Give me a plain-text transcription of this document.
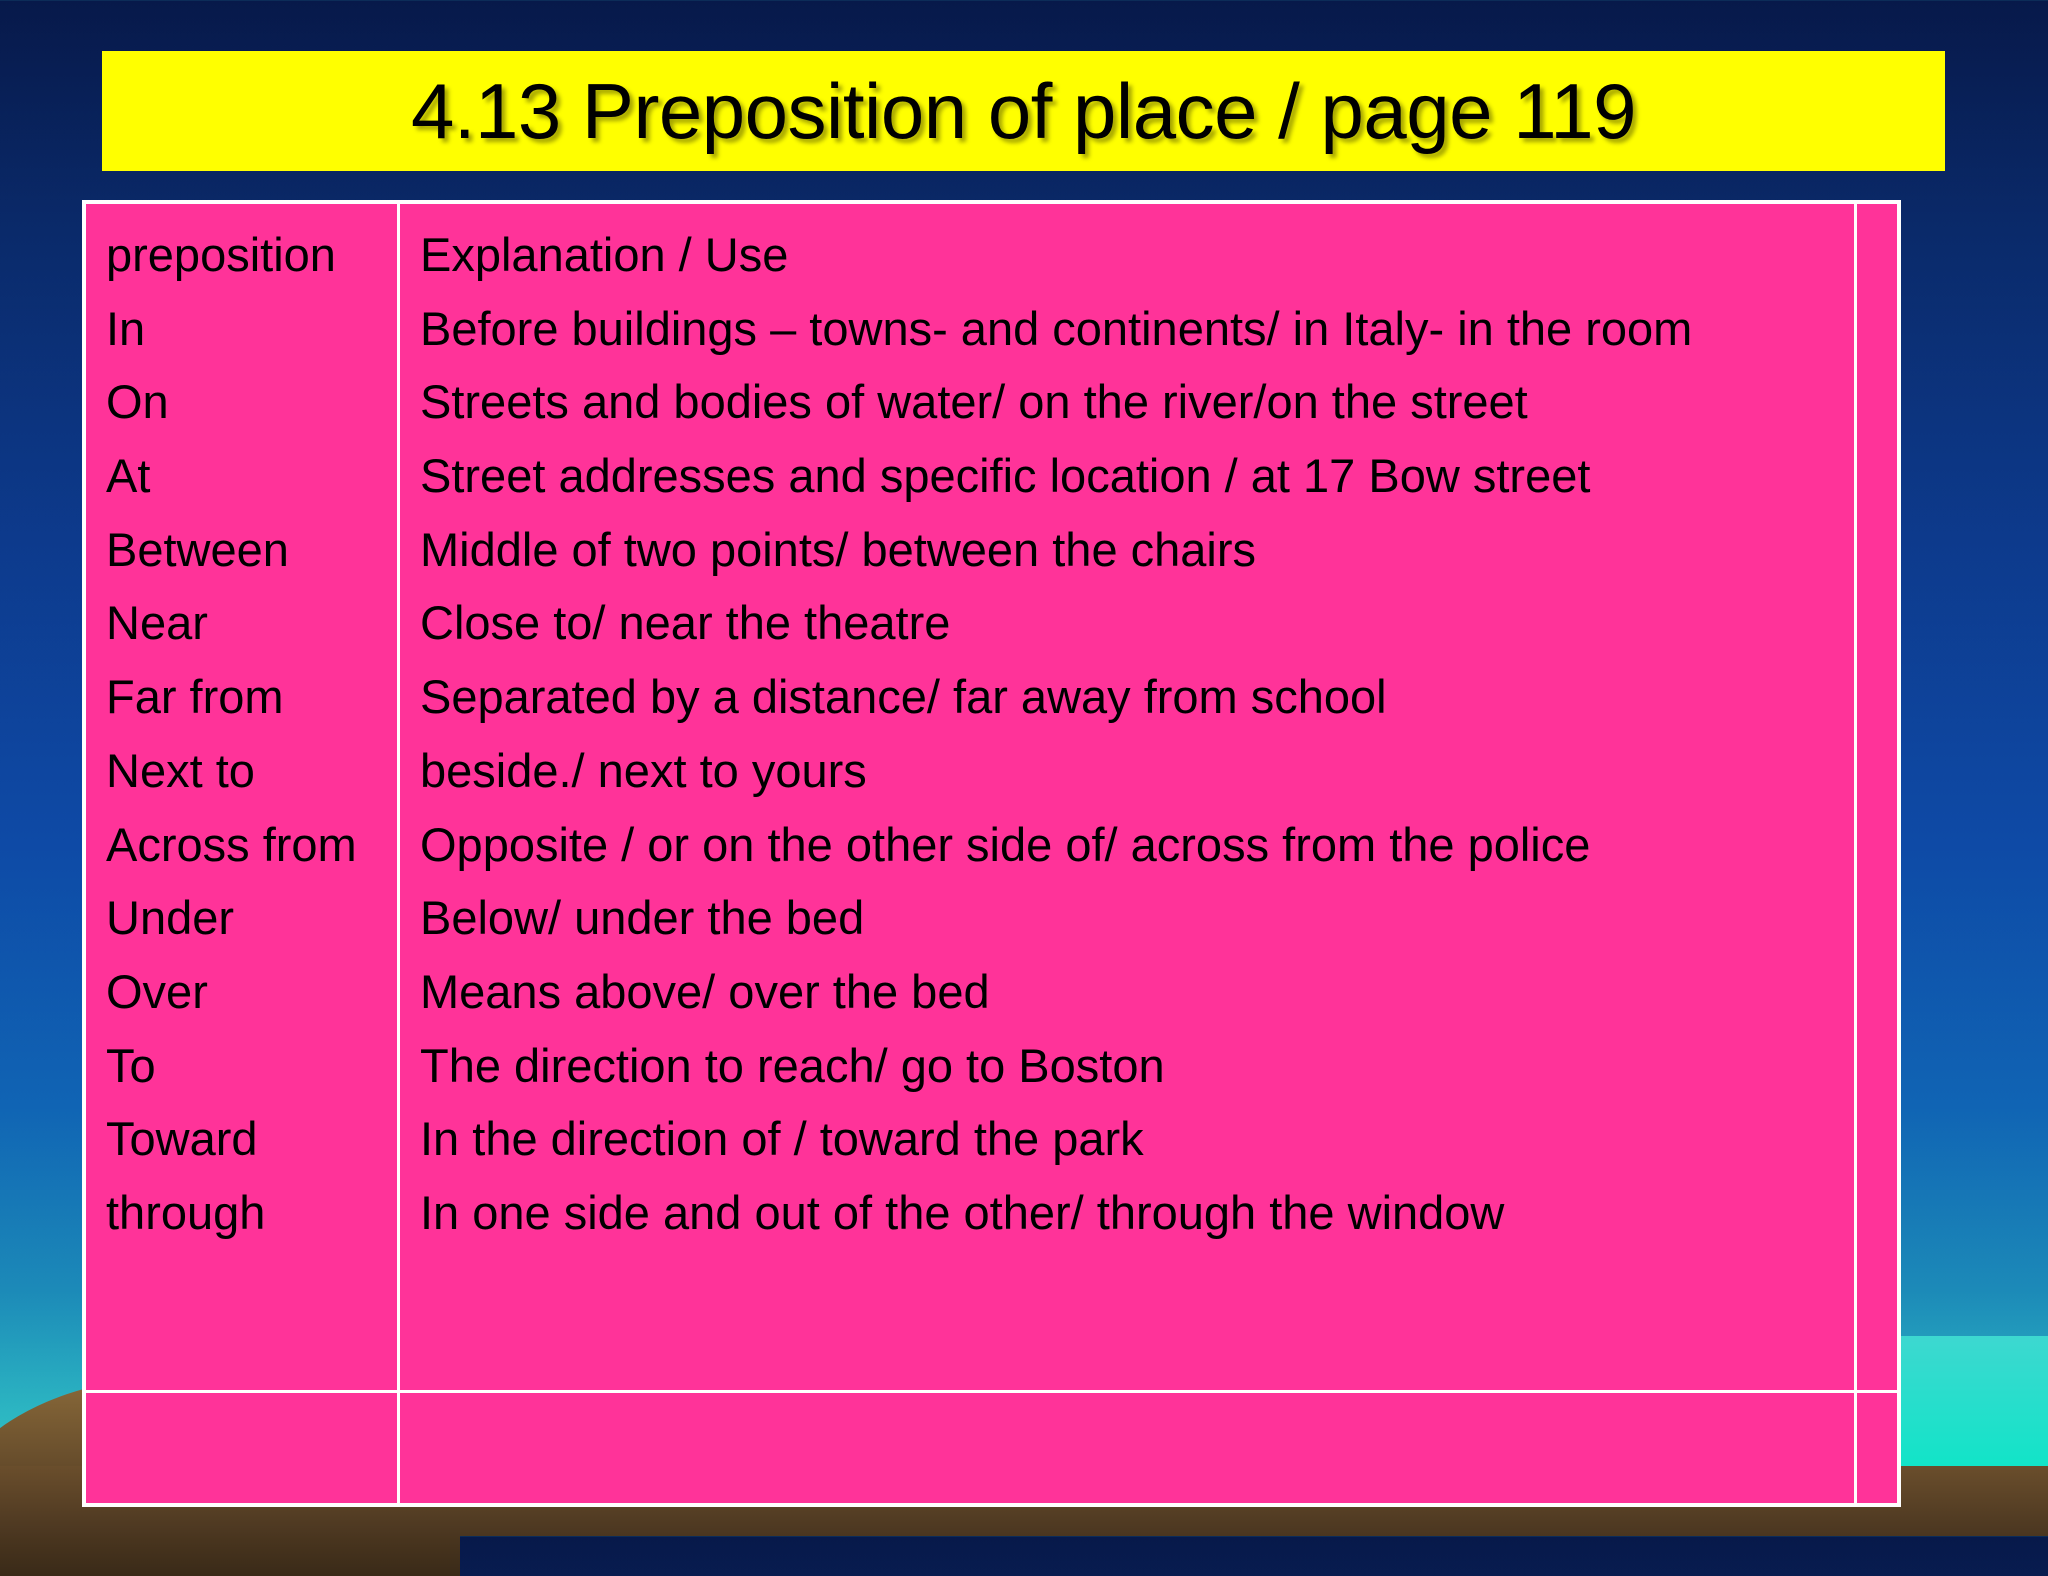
4.13 Preposition of place / page 119
preposition
In
On
At
Between
Near
Far from
Next to
Across from
Under
Over
To
Toward
through
Explanation / Use
Before buildings – towns- and continents/ in Italy- in the room
Streets and bodies of water/ on the river/on the street
Street addresses and specific location / at 17 Bow street
Middle of two points/ between the chairs
Close to/ near the theatre
Separated by a distance/ far away from school
beside./ next to yours
Opposite / or on the other side of/ across from the police
Below/ under the bed
Means above/ over the bed
The direction to reach/ go to Boston
In the direction of / toward the park
In one side and out of the other/ through the window
